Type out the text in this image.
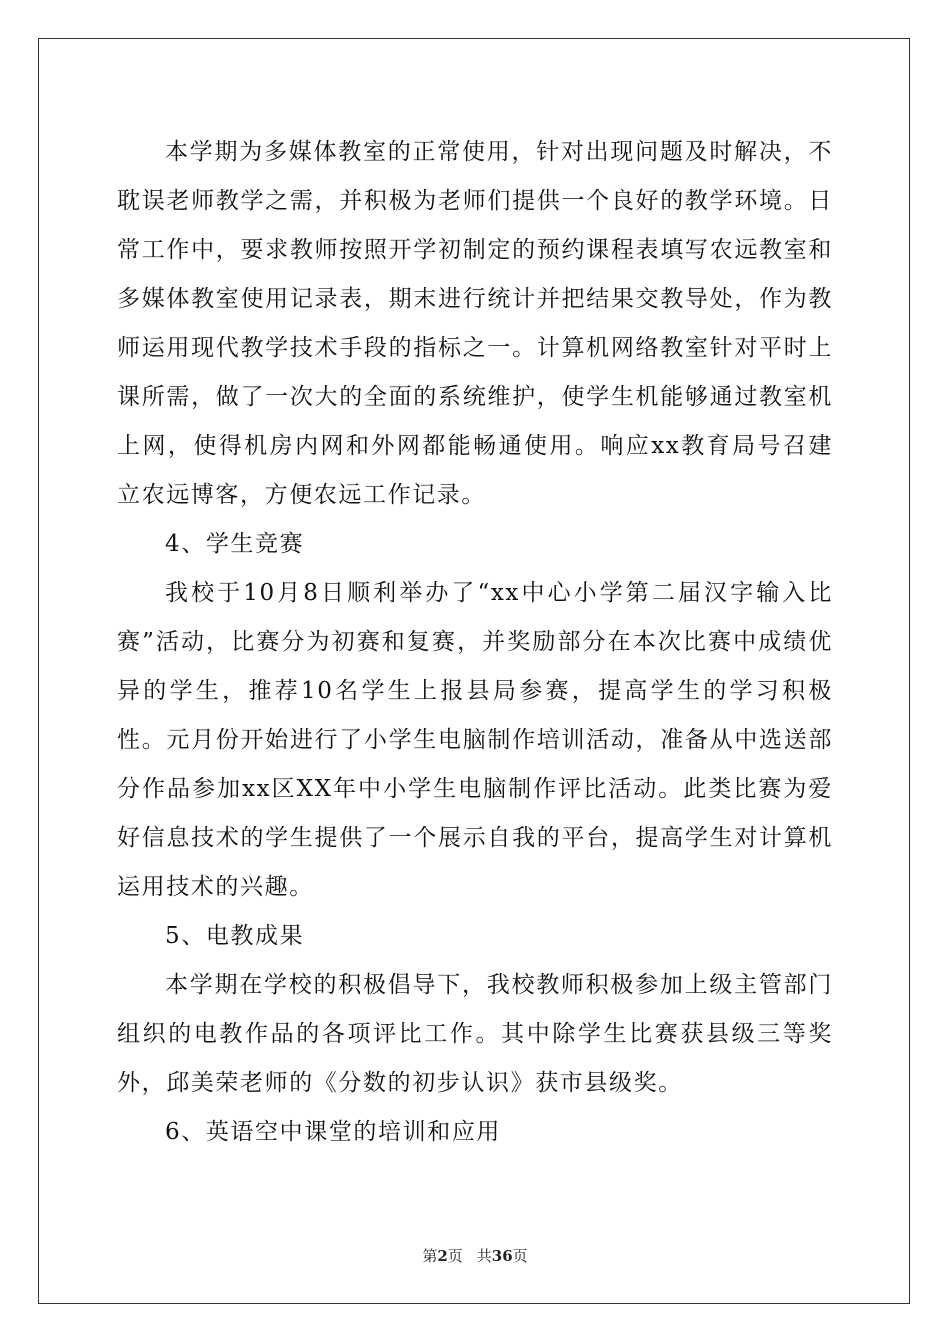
本学期为多媒体教室的正常使用，针对出现问题及时解决，不耽误老师教学之需，并积极为老师们提供一个良好的教学环境。日常工作中，要求教师按照开学初制定的预约课程表填写农远教室和多媒体教室使用记录表，期末进行统计并把结果交教导处，作为教师运用现代教学技术手段的指标之一。计算机网络教室针对平时上课所需，做了一次大的全面的系统维护，使学生机能够通过教室机上网，使得机房内网和外网都能畅通使用。响应xx教育局号召建立农远博客，方便农远工作记录。

4、学生竞赛

我校于10月8日顺利举办了“xx中心小学第二届汉字输入比赛”活动，比赛分为初赛和复赛，并奖励部分在本次比赛中成绩优异的学生，推荐10名学生上报县局参赛，提高学生的学习积极性。元月份开始进行了小学生电脑制作培训活动，准备从中选送部分作品参加xx区XX年中小学生电脑制作评比活动。此类比赛为爱好信息技术的学生提供了一个展示自我的平台，提高学生对计算机运用技术的兴趣。

5、电教成果

本学期在学校的积极倡导下，我校教师积极参加上级主管部门组织的电教作品的各项评比工作。其中除学生比赛获县级三等奖外，邱美荣老师的《分数的初步认识》获市县级奖。

6、英语空中课堂的培训和应用

第2页 共36页
